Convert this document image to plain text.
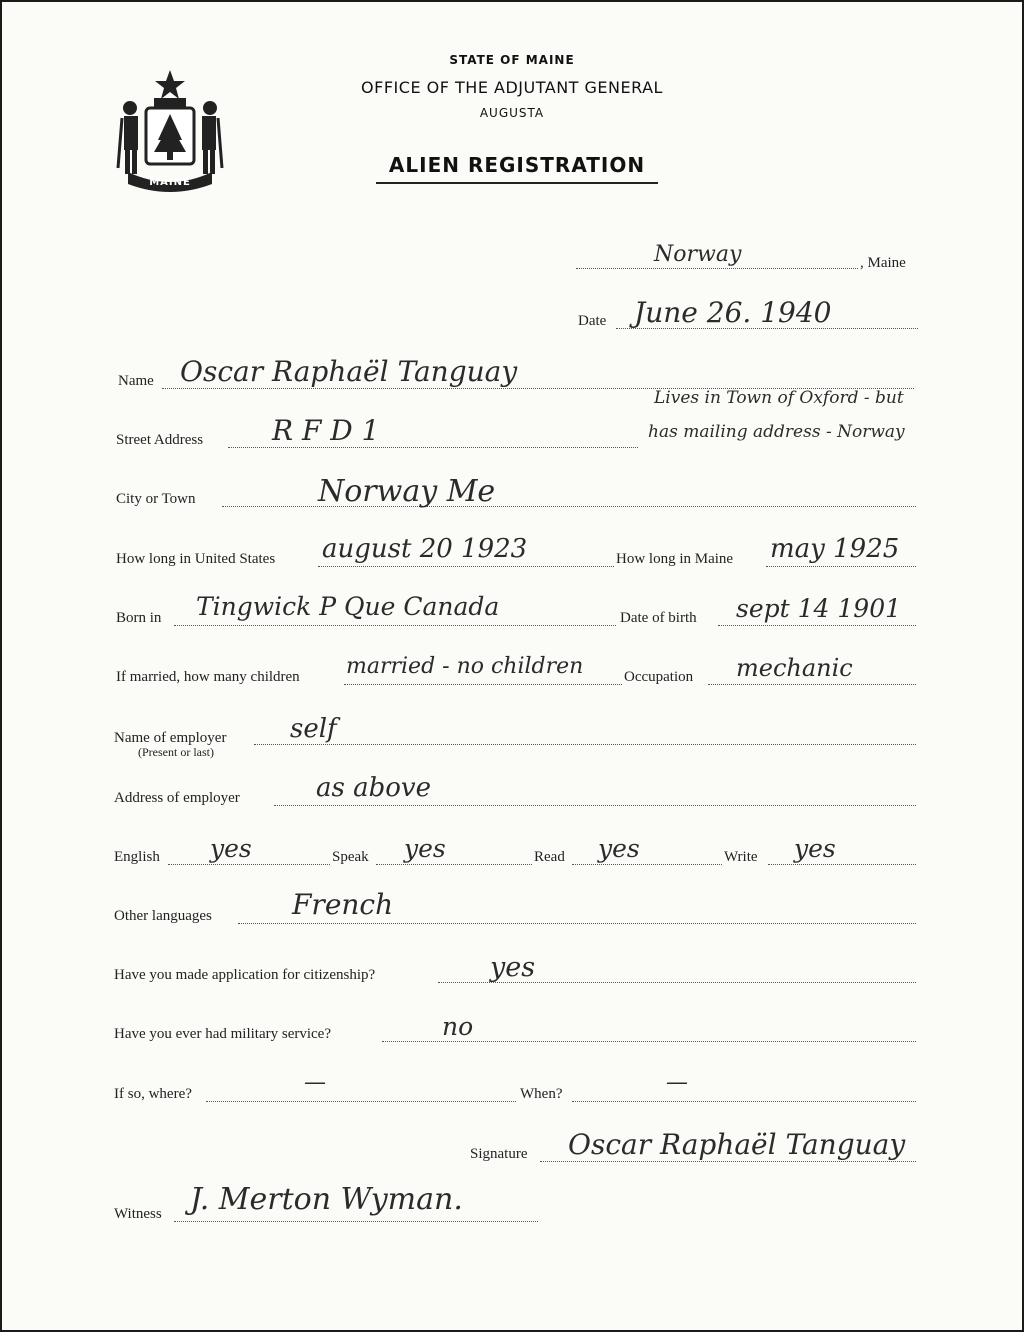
MAINE
STATE OF MAINE
OFFICE OF THE ADJUTANT GENERAL
AUGUSTA
ALIEN REGISTRATION
Norway	, Maine
Date June 26. 1940
Name Oscar Raphaël Tanguay
Lives in Town of Oxford - but
has mailing address - Norway
Street Address R F D 1
City or Town	Norway Me
How long in United States august 20 1923	How long in Maine may 1925
Born in Tingwick P Que Canada	Date of birth sept 14 1901
If married, how many children married - no children	Occupation mechanic
Name of employer
(Present or last)
self
Address of employer	as above
English yes	Speak yes	Read yes	Write yes
Other languages	French
Have you made application for citizenship?	yes
Have you ever had military service?	no
If so, where?	—	When?	—
Signature Oscar Raphaël Tanguay
Witness J. Merton Wyman.
